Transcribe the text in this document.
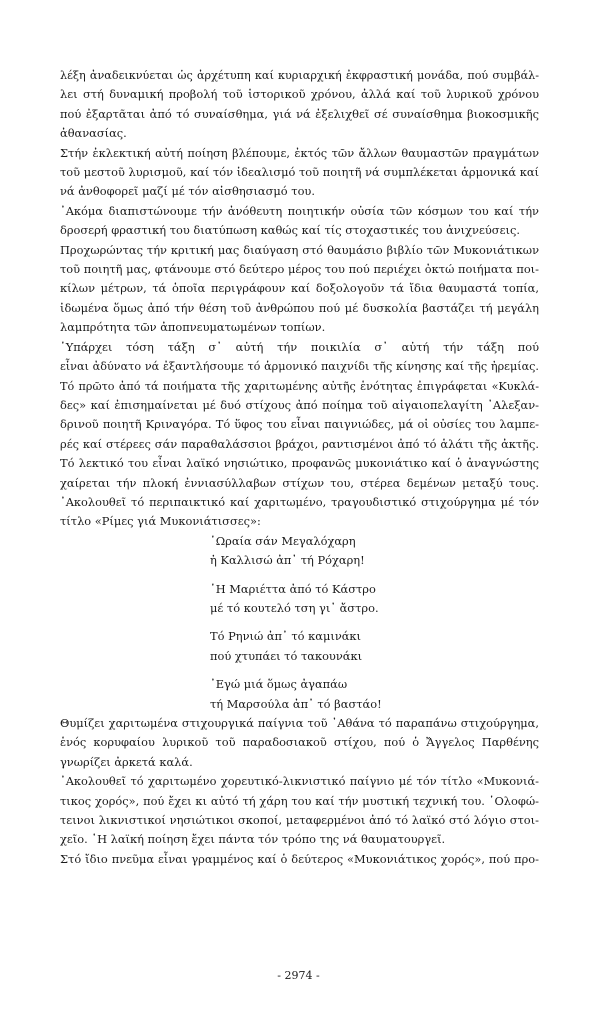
λέξη ἀναδεικνύεται ὡς ἀρχέτυπη καί κυριαρχική ἐκφραστική μονάδα, πού συμβάλ-
λει στή δυναμική προβολή τοῦ ἱστορικοῦ χρόνου, ἀλλά καί τοῦ λυρικοῦ χρόνου
πού ἐξαρτᾶται ἀπό τό συναίσθημα, γιά νά ἐξελιχθεῖ σέ συναίσθημα βιοκοσμικῆς
ἀθανασίας.
Στήν ἐκλεκτική αὐτή ποίηση βλέπουμε, ἐκτός τῶν ἄλλων θαυμαστῶν πραγμάτων
τοῦ μεστοῦ λυρισμοῦ, καί τόν ἰδεαλισμό τοῦ ποιητῆ νά συμπλέκεται ἁρμονικά καί
νά ἀνθοφορεῖ μαζί μέ τόν αἰσθησιασμό του.
᾽Ακόμα διαπιστώνουμε τήν ἀνόθευτη ποιητικήν οὐσία τῶν κόσμων του καί τήν
δροσερή φραστική του διατύπωση καθώς καί τίς στοχαστικές του ἀνιχνεύσεις.
Προχωρώντας τήν κριτική μας διαύγαση στό θαυμάσιο βιβλίο τῶν Μυκονιάτικων
τοῦ ποιητῆ μας, φτάνουμε στό δεύτερο μέρος του πού περιέχει ὀκτώ ποιήματα ποι-
κίλων μέτρων, τά ὁποῖα περιγράφουν καί δοξολογοῦν τά ἴδια θαυμαστά τοπία,
ἰδωμένα ὅμως ἀπό τήν θέση τοῦ ἀνθρώπου πού μέ δυσκολία βαστάζει τή μεγάλη
λαμπρότητα τῶν ἀποπνευματωμένων τοπίων.
῾Υπάρχει τόση τάξη σ᾽ αὐτή τήν ποικιλία σ᾽ αὐτή τήν τάξη πού
εἶναι ἀδύνατο νά ἐξαντλήσουμε τό ἁρμονικό παιχνίδι τῆς κίνησης καί τῆς ἠρεμίας.
Τό πρῶτο ἀπό τά ποιήματα τῆς χαριτωμένης αὐτῆς ἑνότητας ἐπιγράφεται «Κυκλά-
δες» καί ἐπισημαίνεται μέ δυό στίχους ἀπό ποίημα τοῦ αἰγαιοπελαγίτη ᾽Αλεξαν-
δρινοῦ ποιητῆ Κριναγόρα. Τό ὕφος του εἶναι παιγνιώδες, μά οἱ οὐσίες του λαμπε-
ρές καί στέρεες σάν παραθαλάσσιοι βράχοι, ραντισμένοι ἀπό τό ἁλάτι τῆς ἀκτῆς.
Τό λεκτικό του εἶναι λαϊκό νησιώτικο, προφανῶς μυκονιάτικο καί ὁ ἀναγνώστης
χαίρεται τήν πλοκή ἐννιασύλλαβων στίχων του, στέρεα δεμένων μεταξύ τους.
᾽Ακολουθεῖ τό περιπαικτικό καί χαριτωμένο, τραγουδιστικό στιχούργημα μέ τόν
τίτλο «Ρίμες γιά Μυκονιάτισσες»:
῾Ωραία σάν Μεγαλόχαρη
ἡ Καλλισώ ἀπ᾽ τή Ρόχαρη!
῾Η Μαριέττα ἀπό τό Κάστρο
μέ τό κουτελό τση γι᾽ ἄστρο.
Τό Ρηνιώ ἀπ᾽ τό καμινάκι
πού χτυπάει τό τακουνάκι
᾽Εγώ μιά ὅμως ἀγαπάω
τή Μαρσούλα ἀπ᾽ τό βαστάο!
Θυμίζει χαριτωμένα στιχουργικά παίγνια τοῦ ᾽Αθάνα τό παραπάνω στιχούργημα,
ἑνός κορυφαίου λυρικοῦ τοῦ παραδοσιακοῦ στίχου, πού ὁ Ἄγγελος Παρθένης
γνωρίζει ἀρκετά καλά.
᾽Ακολουθεῖ τό χαριτωμένο χορευτικό-λικνιστικό παίγνιο μέ τόν τίτλο «Μυκονιά-
τικος χορός», πού ἔχει κι αὐτό τή χάρη του καί τήν μυστική τεχνική του. ῾Ολοφώ-
τεινοι λικνιστικοί νησιώτικοι σκοποί, μεταφερμένοι ἀπό τό λαϊκό στό λόγιο στοι-
χεῖο. ῾Η λαϊκή ποίηση ἔχει πάντα τόν τρόπο της νά θαυματουργεῖ.
Στό ἴδιο πνεῦμα εἶναι γραμμένος καί ὁ δεύτερος «Μυκονιάτικος χορός», πού προ-
- 2974 -
